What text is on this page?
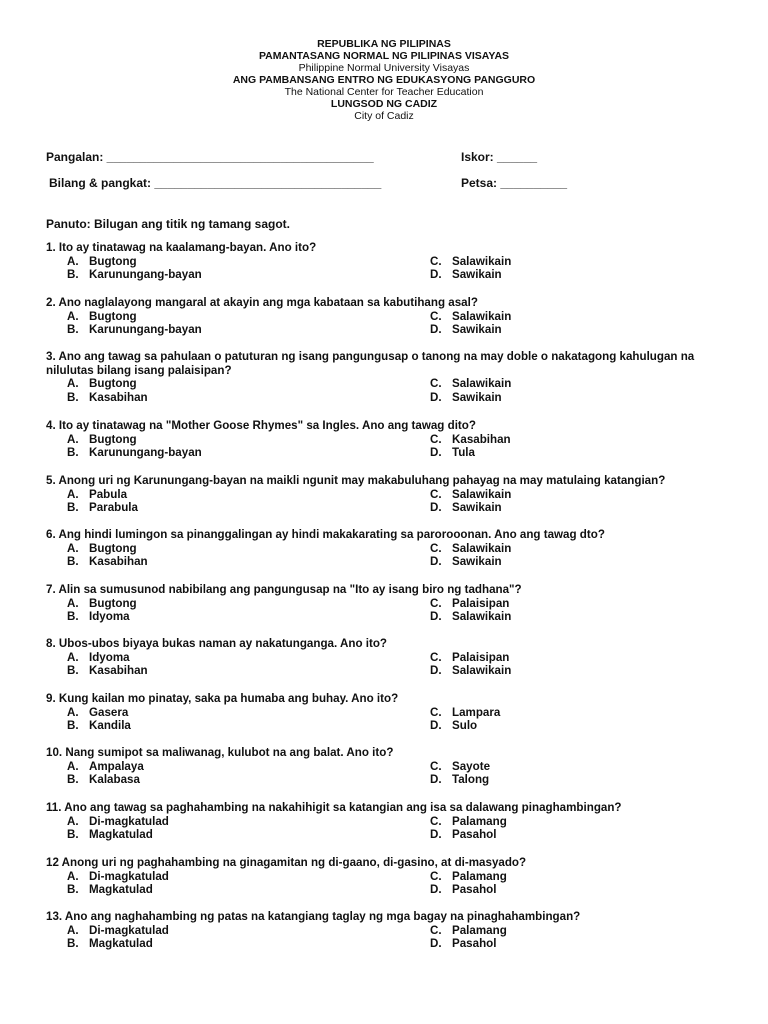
REPUBLIKA NG PILIPINAS
PAMANTASANG NORMAL NG PILIPINAS VISAYAS
Philippine Normal University Visayas
ANG PAMBANSANG ENTRO NG EDUKASYONG PANGGURO
The National Center for Teacher Education
LUNGSOD NG CADIZ
City of Cadiz
Pangalan: ________________________________________	Iskor: ______
Bilang & pangkat: __________________________________	Petsa: __________
Panuto: Bilugan ang titik ng tamang sagot.
1. Ito ay tinatawag na kaalamang-bayan. Ano ito?
A. Bugtong	C. Salawikain
B. Karunungang-bayan	D. Sawikain
2. Ano naglalayong mangaral at akayin ang mga kabataan sa kabutihang asal?
A. Bugtong	C. Salawikain
B. Karunungang-bayan	D. Sawikain
3. Ano ang tawag sa pahulaan o patuturan ng isang pangungusap o tanong na may doble o nakatagong kahulugan na nilulutas bilang isang palaisipan?
A. Bugtong	C. Salawikain
B. Kasabihan	D. Sawikain
4. Ito ay tinatawag na "Mother Goose Rhymes" sa Ingles. Ano ang tawag dito?
A. Bugtong	C. Kasabihan
B. Karunungang-bayan	D. Tula
5. Anong uri ng Karunungang-bayan na maikli ngunit may makabuluhang pahayag na may matulaing katangian?
A. Pabula	C. Salawikain
B. Parabula	D. Sawikain
6. Ang hindi lumingon sa pinanggalingan ay hindi makakarating sa parorooonan. Ano ang tawag dto?
A. Bugtong	C. Salawikain
B. Kasabihan	D. Sawikain
7. Alin sa sumusunod nabibilang ang pangungusap na "Ito ay isang biro ng tadhana"?
A. Bugtong	C. Palaisipan
B. Idyoma	D. Salawikain
8. Ubos-ubos biyaya bukas naman ay nakatunganga. Ano ito?
A. Idyoma	C. Palaisipan
B. Kasabihan	D. Salawikain
9. Kung kailan mo pinatay, saka pa humaba ang buhay. Ano ito?
A. Gasera	C. Lampara
B. Kandila	D. Sulo
10. Nang sumipot sa maliwanag, kulubot na ang balat. Ano ito?
A. Ampalaya	C. Sayote
B. Kalabasa	D. Talong
11. Ano ang tawag sa paghahambing na nakahihigit sa katangian ang isa sa dalawang pinaghambingan?
A. Di-magkatulad	C. Palamang
B. Magkatulad	D. Pasahol
12 Anong uri ng paghahambing na ginagamitan ng di-gaano, di-gasino, at di-masyado?
A. Di-magkatulad	C. Palamang
B. Magkatulad	D. Pasahol
13. Ano ang naghahambing ng patas na katangiang taglay ng mga bagay na pinaghahambingan?
A. Di-magkatulad	C. Palamang
B. Magkatulad	D. Pasahol
